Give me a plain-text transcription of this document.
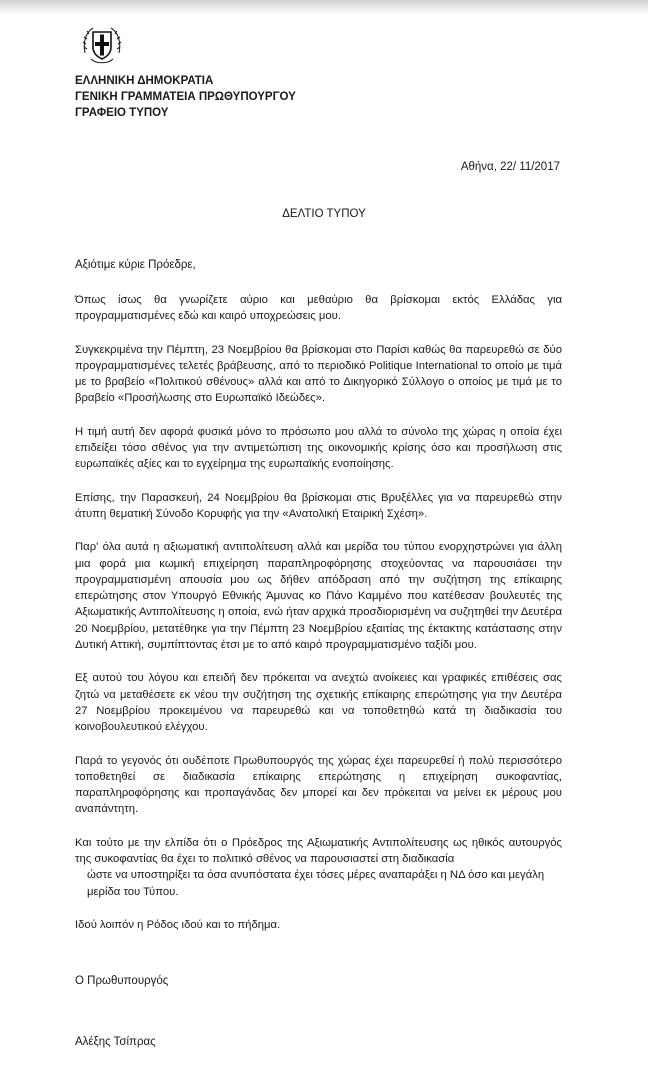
ΕΛΛΗΝΙΚΗ ΔΗΜΟΚΡΑΤΙΑ
ΓΕΝΙΚΗ ΓΡΑΜΜΑΤΕΙΑ ΠΡΩΘΥΠΟΥΡΓΟΥ
ΓΡΑΦΕΙΟ ΤΥΠΟΥ
Αθήνα, 22/ 11/2017
ΔΕΛΤΙΟ ΤΥΠΟΥ
Αξιότιμε κύριε Πρόεδρε,

Όπως ίσως θα γνωρίζετε αύριο και μεθαύριο θα βρίσκομαι εκτός Ελλάδας για προγραμματισμένες εδώ και καιρό υποχρεώσεις μου.

Συγκεκριμένα την Πέμπτη, 23 Νοεμβρίου θα βρίσκομαι στο Παρίσι καθώς θα παρευρεθώ σε δύο προγραμματισμένες τελετές βράβευσης, από το περιοδικό Politique International το οποίο με τιμά με το βραβείο «Πολιτικού σθένους» αλλά και από το Δικηγορικό Σύλλογο ο οποίος με τιμά με το βραβείο «Προσήλωσης στο Ευρωπαϊκό Ιδεώδες».

Η τιμή αυτή δεν αφορά φυσικά μόνο το πρόσωπο μου αλλά το σύνολο της χώρας η οποία έχει επιδείξει τόσο σθένος για την αντιμετώπιση της οικονομικής κρίσης όσο και προσήλωση στις ευρωπαϊκές αξίες και το εγχείρημα της ευρωπαϊκής ενοποίησης.

Επίσης, την Παρασκευή, 24 Νοεμβρίου θα βρίσκομαι στις Βρυξέλλες για να παρευρεθώ στην άτυπη θεματική Σύνοδο Κορυφής για την «Ανατολική Εταιρική Σχέση».

Παρ' όλα αυτά η αξιωματική αντιπολίτευση αλλά και μερίδα του τύπου ενορχηστρώνει για άλλη μια φορά μια κωμική επιχείρηση παραπληροφόρησης στοχεύοντας να παρουσιάσει την προγραμματισμένη απουσία μου ως δήθεν απόδραση από την συζήτηση της επίκαιρης επερώτησης στον Υπουργό Εθνικής Άμυνας κο Πάνο Καμμένο που κατέθεσαν βουλευτές της Αξιωματικής Αντιπολίτευσης η οποία, ενώ ήταν αρχικά προσδιορισμένη να συζητηθεί την Δευτέρα 20 Νοεμβρίου, μετατέθηκε για την Πέμπτη 23 Νοεμβρίου εξαιτίας της έκτακτης κατάστασης στην Δυτική Αττική, συμπίπτοντας έτσι με το από καιρό προγραμματισμένο ταξίδι μου.

Εξ αυτού του λόγου και επειδή δεν πρόκειται να ανεχτώ ανοίκειες και γραφικές επιθέσεις σας ζητώ να μεταθέσετε εκ νέου την συζήτηση της σχετικής επίκαιρης επερώτησης για την Δευτέρα 27 Νοεμβρίου προκειμένου να παρευρεθώ και να τοποθετηθώ κατά τη διαδικασία του κοινοβουλευτικού ελέγχου.

Παρά το γεγονός ότι ουδέποτε Πρωθυπουργός της χώρας έχει παρευρεθεί ή πολύ περισσότερο τοποθετηθεί σε διαδικασία επίκαιρης επερώτησης η επιχείρηση συκοφαντίας, παραπληροφόρησης και προπαγάνδας δεν μπορεί και δεν πρόκειται να μείνει εκ μέρους μου αναπάντητη.

Και τούτο με την ελπίδα ότι ο Πρόεδρος της Αξιωματικής Αντιπολίτευσης ως ηθικός αυτουργός της συκοφαντίας θα έχει το πολιτικό σθένος να παρουσιαστεί στη διαδικασία

ώστε να υποστηρίξει τα όσα ανυπόστατα έχει τόσες μέρες αναπαράξει η ΝΔ όσο και μεγάλη μερίδα του Τύπου.

Ιδού λοιπόν η Ρόδος ιδού και το πήδημα.

Ο Πρωθυπουργός
Αλέξης Τσίπρας
